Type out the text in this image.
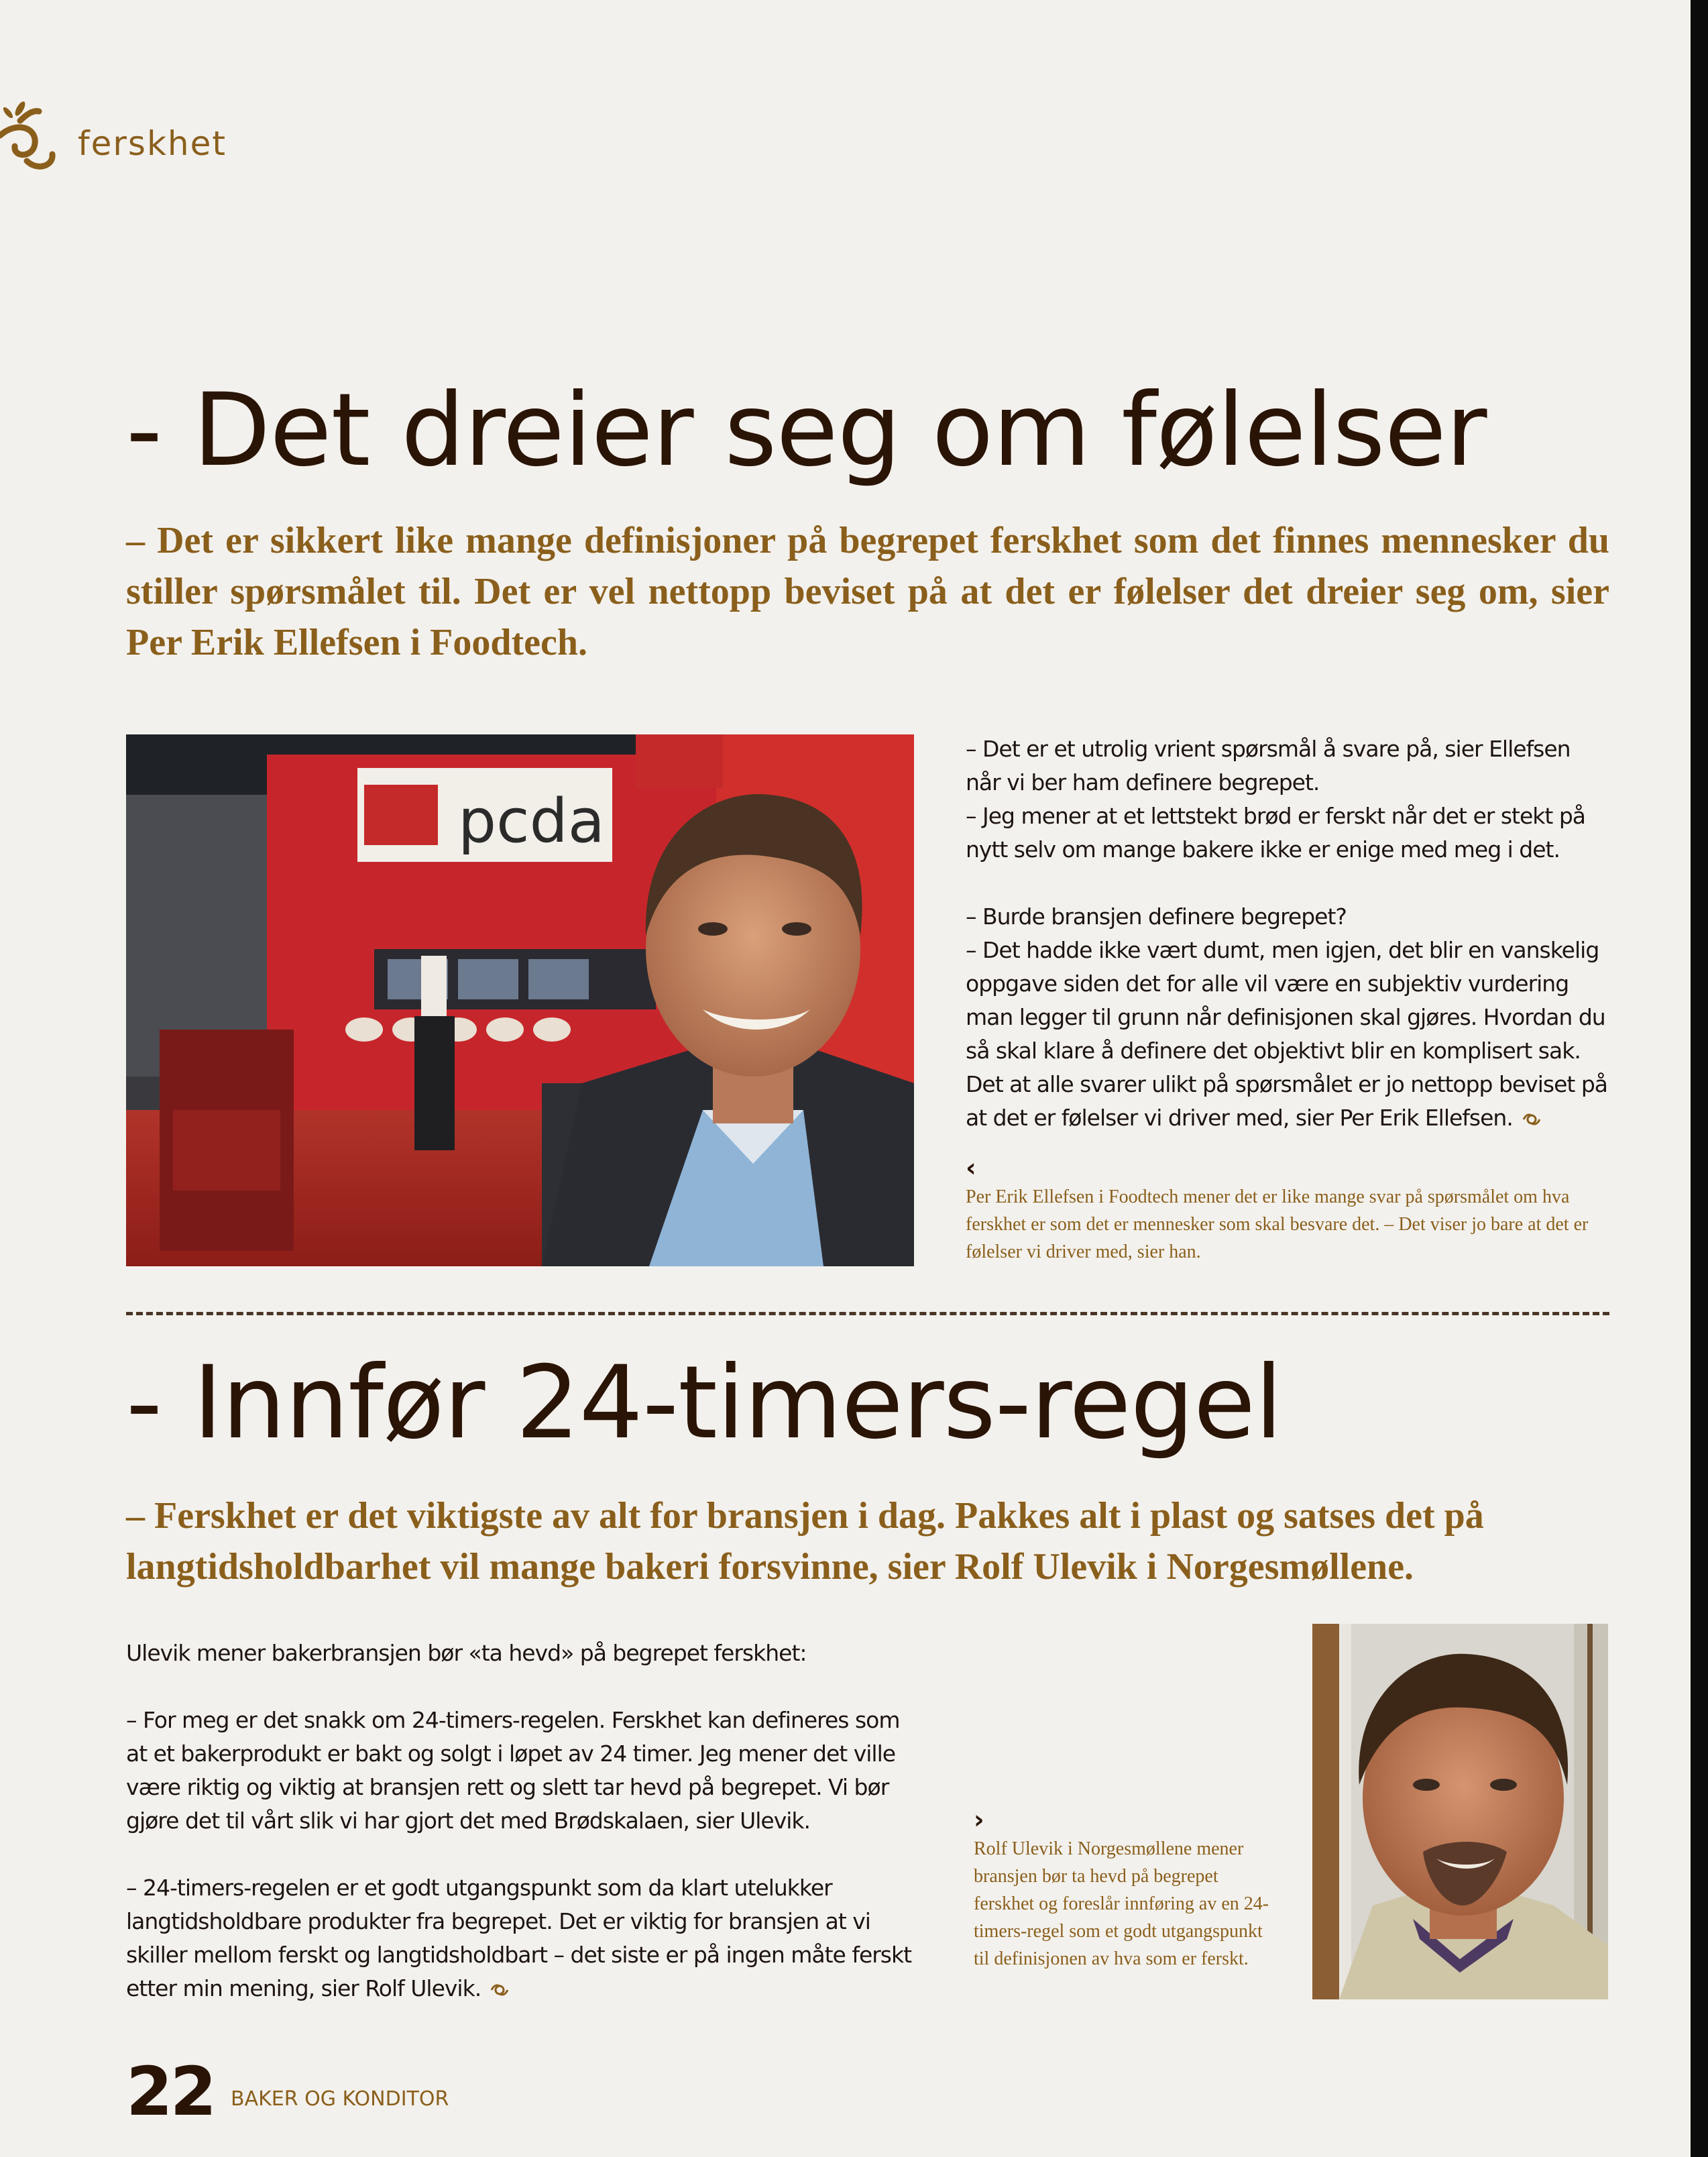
ferskhet
- Det dreier seg om følelser
– Det er sikkert like mange definisjoner på begrepet ferskhet som det finnes mennesker du stiller spørsmålet til. Det er vel nettopp beviset på at det er følelser det dreier seg om, sier Per Erik Ellefsen i Foodtech.
pcda

– Det er et utrolig vrient spørsmål å svare på, sier Ellefsen når vi ber ham definere begrepet.

– Jeg mener at et lettstekt brød er ferskt når det er stekt på nytt selv om mange bakere ikke er enige med meg i det.

– Burde bransjen definere begrepet?

– Det hadde ikke vært dumt, men igjen, det blir en vanskelig oppgave siden det for alle vil være en subjektiv vurdering man legger til grunn når definisjonen skal gjøres. Hvordan du så skal klare å definere det objektivt blir en komplisert sak. Det at alle svarer ulikt på spørsmålet er jo nettopp beviset på at det er følelser vi driver med, sier Per Erik Ellefsen.

‹
Per Erik Ellefsen i Foodtech mener det er like mange svar på spørsmålet om hva ferskhet er som det er mennesker som skal besvare det. – Det viser jo bare at det er følelser vi driver med, sier han.
- Innfør 24-timers-regel
– Ferskhet er det viktigste av alt for bransjen i dag. Pakkes alt i plast og satses det på langtidsholdbarhet vil mange bakeri forsvinne, sier Rolf Ulevik i Norgesmøllene.

Ulevik mener bakerbransjen bør «ta hevd» på begrepet ferskhet:

– For meg er det snakk om 24-timers-regelen. Ferskhet kan defineres som at et bakerprodukt er bakt og solgt i løpet av 24 timer. Jeg mener det ville være riktig og viktig at bransjen rett og slett tar hevd på begrepet. Vi bør gjøre det til vårt slik vi har gjort det med Brødskalaen, sier Ulevik.

– 24-timers-regelen er et godt utgangspunkt som da klart utelukker langtidsholdbare produkter fra begrepet. Det er viktig for bransjen at vi skiller mellom ferskt og langtidsholdbart – det siste er på ingen måte ferskt etter min mening, sier Rolf Ulevik.

›
Rolf Ulevik i Norgesmøllene mener bransjen bør ta hevd på begrepet ferskhet og foreslår innføring av en 24-timers-regel som et godt utgangspunkt til definisjonen av hva som er ferskt.
22 BAKER OG KONDITOR
